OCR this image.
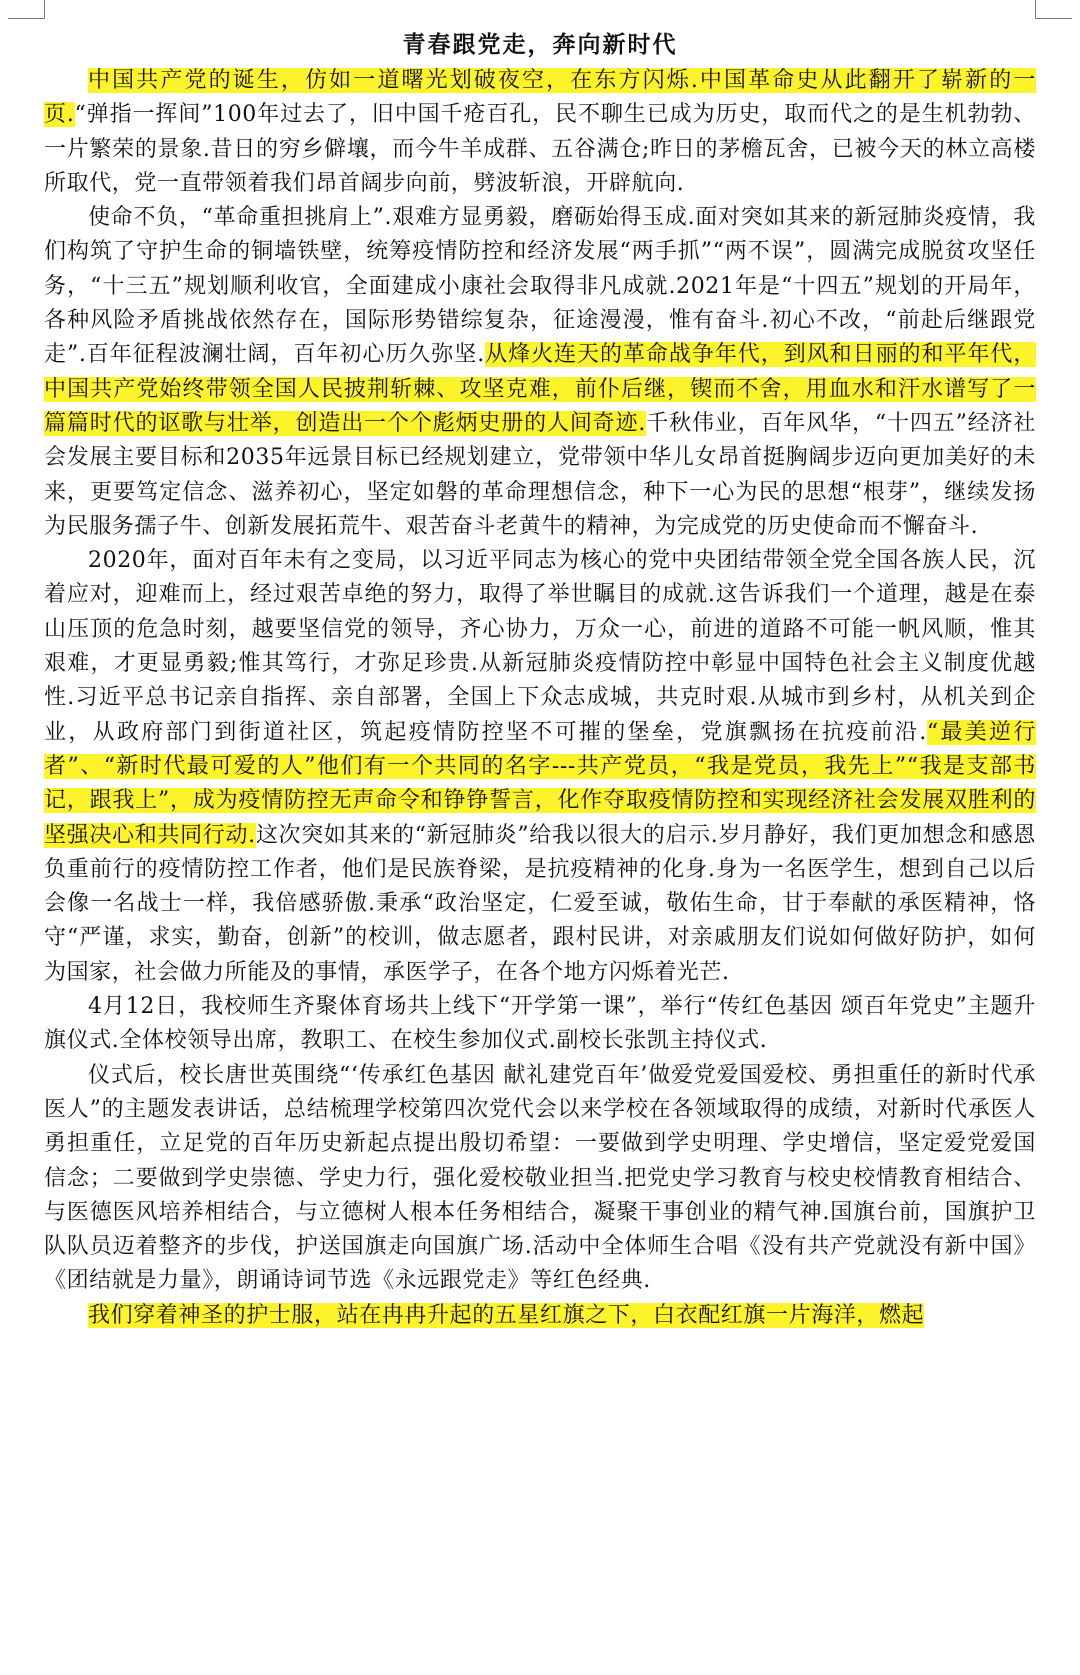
青春跟党走，奔向新时代

中国共产党的诞生，仿如一道曙光划破夜空，在东方闪烁.中国革命史从此翻开了崭新的一页.“弹指一挥间”100年过去了，旧中国千疮百孔，民不聊生已成为历史，取而代之的是生机勃勃、一片繁荣的景象.昔日的穷乡僻壤，而今牛羊成群、五谷满仓;昨日的茅檐瓦舍，已被今天的林立高楼所取代，党一直带领着我们昂首阔步向前，劈波斩浪，开辟航向.

使命不负，“革命重担挑肩上”.艰难方显勇毅，磨砺始得玉成.面对突如其来的新冠肺炎疫情，我们构筑了守护生命的铜墙铁壁，统筹疫情防控和经济发展“两手抓”“两不误”，圆满完成脱贫攻坚任务，“十三五”规划顺利收官，全面建成小康社会取得非凡成就.2021年是“十四五”规划的开局年，各种风险矛盾挑战依然存在，国际形势错综复杂，征途漫漫，惟有奋斗.初心不改，“前赴后继跟党走”.百年征程波澜壮阔，百年初心历久弥坚.从烽火连天的革命战争年代，到风和日丽的和平年代，中国共产党始终带领全国人民披荆斩棘、攻坚克难，前仆后继，锲而不舍，用血水和汗水谱写了一篇篇时代的讴歌与壮举，创造出一个个彪炳史册的人间奇迹.千秋伟业，百年风华，“十四五”经济社会发展主要目标和2035年远景目标已经规划建立，党带领中华儿女昂首挺胸阔步迈向更加美好的未来，更要笃定信念、滋养初心，坚定如磐的革命理想信念，种下一心为民的思想“根芽”，继续发扬为民服务孺子牛、创新发展拓荒牛、艰苦奋斗老黄牛的精神，为完成党的历史使命而不懈奋斗.

2020年，面对百年未有之变局，以习近平同志为核心的党中央团结带领全党全国各族人民，沉着应对，迎难而上，经过艰苦卓绝的努力，取得了举世瞩目的成就.这告诉我们一个道理，越是在泰山压顶的危急时刻，越要坚信党的领导，齐心协力，万众一心，前进的道路不可能一帆风顺，惟其艰难，才更显勇毅;惟其笃行，才弥足珍贵.从新冠肺炎疫情防控中彰显中国特色社会主义制度优越性.习近平总书记亲自指挥、亲自部署，全国上下众志成城，共克时艰.从城市到乡村，从机关到企业，从政府部门到街道社区，筑起疫情防控坚不可摧的堡垒，党旗飘扬在抗疫前沿.“最美逆行者”、“新时代最可爱的人”他们有一个共同的名字---共产党员，“我是党员，我先上”“我是支部书记，跟我上”，成为疫情防控无声命令和铮铮誓言，化作夺取疫情防控和实现经济社会发展双胜利的坚强决心和共同行动.这次突如其来的“新冠肺炎”给我以很大的启示.岁月静好，我们更加想念和感恩负重前行的疫情防控工作者，他们是民族脊梁，是抗疫精神的化身.身为一名医学生，想到自己以后会像一名战士一样，我倍感骄傲.秉承“政治坚定，仁爱至诚，敬佑生命，甘于奉献的承医精神，恪守“严谨，求实，勤奋，创新”的校训，做志愿者，跟村民讲，对亲戚朋友们说如何做好防护，如何为国家，社会做力所能及的事情，承医学子，在各个地方闪烁着光芒.

4月12日，我校师生齐聚体育场共上线下“开学第一课”，举行“传红色基因 颂百年党史”主题升旗仪式.全体校领导出席，教职工、在校生参加仪式.副校长张凯主持仪式.

仪式后，校长唐世英围绕“‘传承红色基因 献礼建党百年’做爱党爱国爱校、勇担重任的新时代承医人”的主题发表讲话，总结梳理学校第四次党代会以来学校在各领域取得的成绩，对新时代承医人勇担重任，立足党的百年历史新起点提出殷切希望：一要做到学史明理、学史增信，坚定爱党爱国信念；二要做到学史崇德、学史力行，强化爱校敬业担当.把党史学习教育与校史校情教育相结合、与医德医风培养相结合，与立德树人根本任务相结合，凝聚干事创业的精气神.国旗台前，国旗护卫队队员迈着整齐的步伐，护送国旗走向国旗广场.活动中全体师生合唱《没有共产党就没有新中国》《团结就是力量》，朗诵诗词节选《永远跟党走》等红色经典.

我们穿着神圣的护士服，站在冉冉升起的五星红旗之下，白衣配红旗一片海洋，燃起
